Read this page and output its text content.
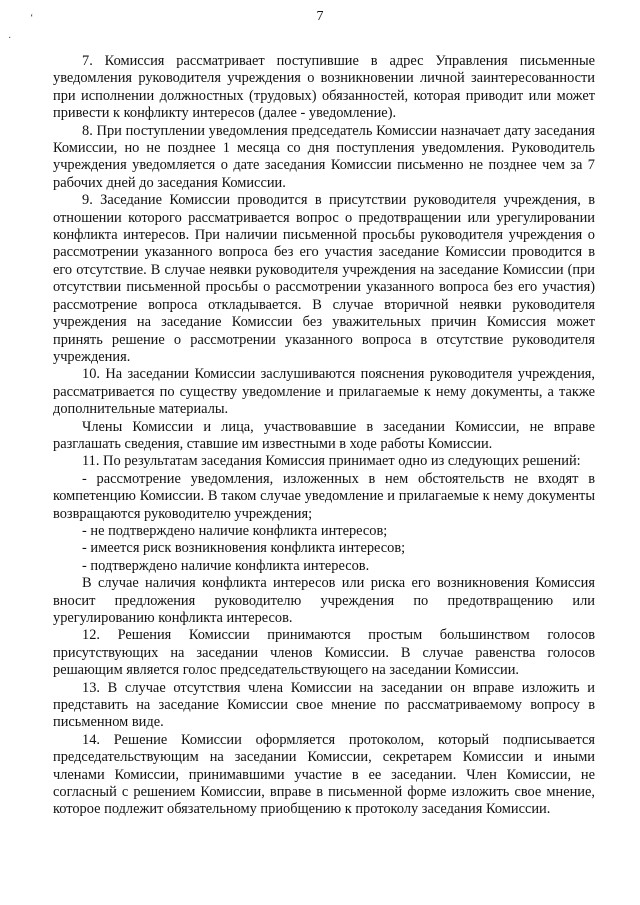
‘
·
7

7. Комиссия рассматривает поступившие в адрес Управления письменные уведомления руководителя учреждения о возникновении личной заинтересованности при исполнении должностных (трудовых) обязанностей, которая приводит или может привести к конфликту интересов (далее - уведомление).

8. При поступлении уведомления председатель Комиссии назначает дату заседания Комиссии, но не позднее 1 месяца со дня поступления уведомления. Руководитель учреждения уведомляется о дате заседания Комиссии письменно не позднее чем за 7 рабочих дней до заседания Комиссии.

9. Заседание Комиссии проводится в присутствии руководителя учреждения, в отношении которого рассматривается вопрос о предотвращении или урегулировании конфликта интересов. При наличии письменной просьбы руководителя учреждения о рассмотрении указанного вопроса без его участия заседание Комиссии проводится в его отсутствие. В случае неявки руководителя учреждения на заседание Комиссии (при отсутствии письменной просьбы о рассмотрении указанного вопроса без его участия) рассмотрение вопроса откладывается. В случае вторичной неявки руководителя учреждения на заседание Комиссии без уважительных причин Комиссия может принять решение о рассмотрении указанного вопроса в отсутствие руководителя учреждения.

10. На заседании Комиссии заслушиваются пояснения руководителя учреждения, рассматривается по существу уведомление и прилагаемые к нему документы, а также дополнительные материалы.

Члены Комиссии и лица, участвовавшие в заседании Комиссии, не вправе разглашать сведения, ставшие им известными в ходе работы Комиссии.

11. По результатам заседания Комиссия принимает одно из следующих решений:

- рассмотрение уведомления, изложенных в нем обстоятельств не входят в компетенцию Комиссии. В таком случае уведомление и прилагаемые к нему документы возвращаются руководителю учреждения;

- не подтверждено наличие конфликта интересов;

- имеется риск возникновения конфликта интересов;

- подтверждено наличие конфликта интересов.

В случае наличия конфликта интересов или риска его возникновения Комиссия вносит предложения руководителю учреждения по предотвращению или урегулированию конфликта интересов.

12. Решения Комиссии принимаются простым большинством голосов присутствующих на заседании членов Комиссии. В случае равенства голосов решающим является голос председательствующего на заседании Комиссии.

13. В случае отсутствия члена Комиссии на заседании он вправе изложить и представить на заседание Комиссии свое мнение по рассматриваемому вопросу в письменном виде.

14. Решение Комиссии оформляется протоколом, который подписывается председательствующим на заседании Комиссии, секретарем Комиссии и иными членами Комиссии, принимавшими участие в ее заседании. Член Комиссии, не согласный с решением Комиссии, вправе в письменной форме изложить свое мнение, которое подлежит обязательному приобщению к протоколу заседания Комиссии.
